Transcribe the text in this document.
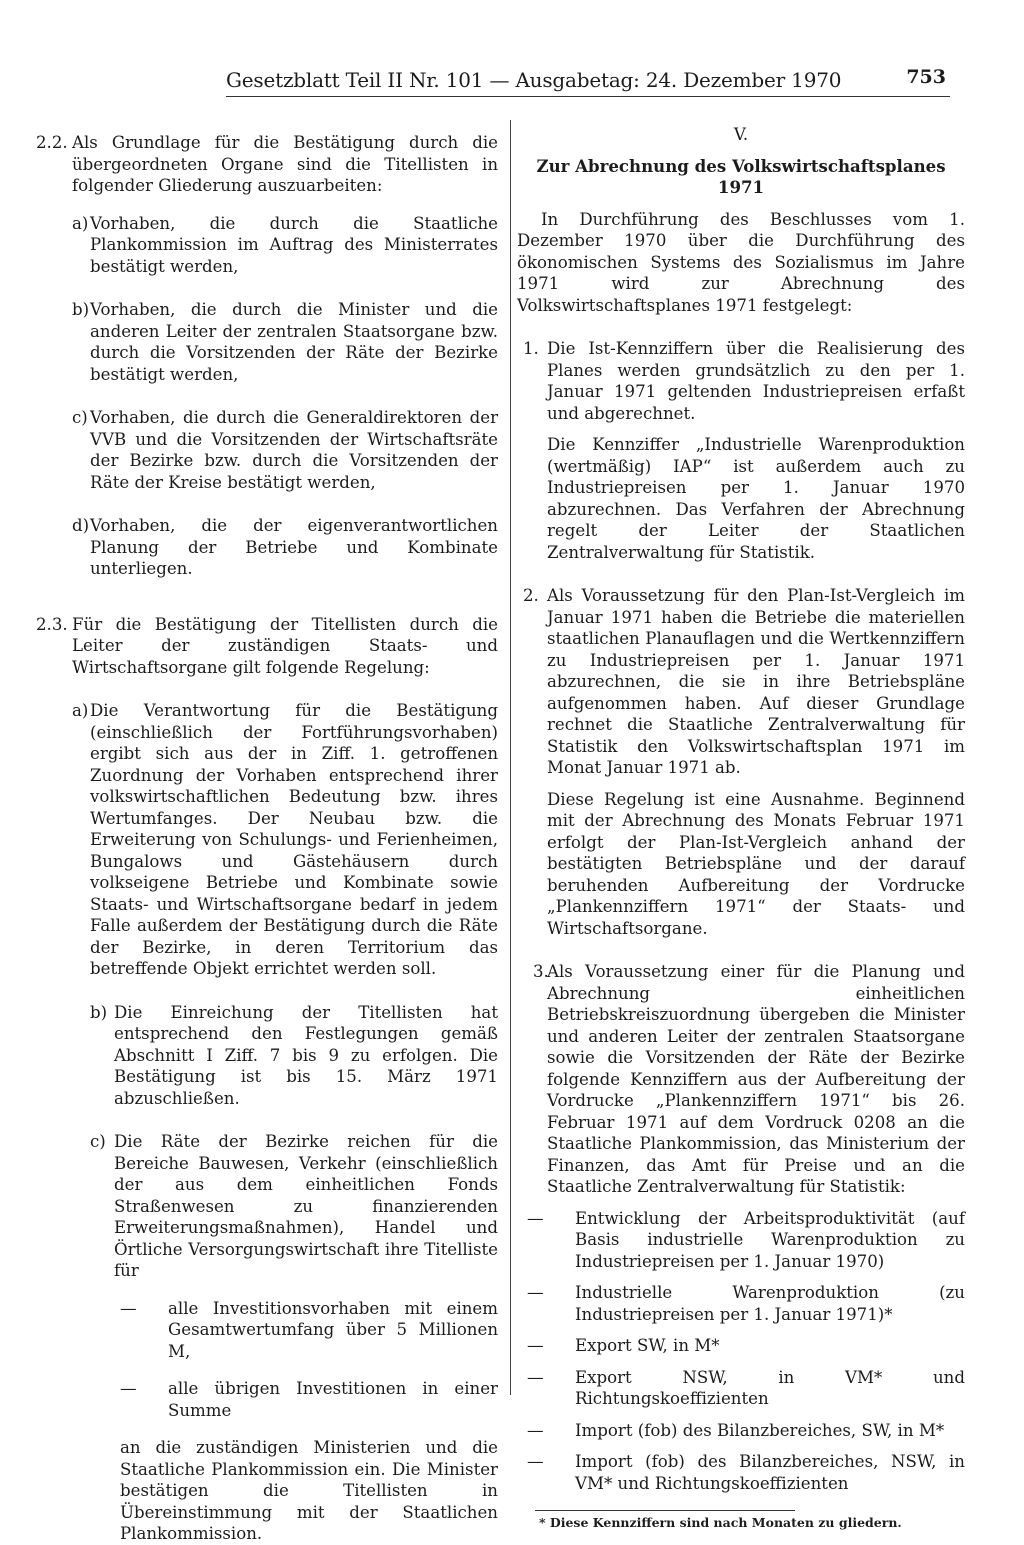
Gesetzblatt Teil II Nr. 101 — Ausgabetag: 24. Dezember 1970	753
2.2. Als Grundlage für die Bestätigung durch die übergeordneten Organe sind die Titellisten in folgender Gliederung auszuarbeiten:

a) Vorhaben, die durch die Staatliche Plankommission im Auftrag des Ministerrates bestätigt werden,

b) Vorhaben, die durch die Minister und die anderen Leiter der zentralen Staatsorgane bzw. durch die Vorsitzenden der Räte der Bezirke bestätigt werden,

c) Vorhaben, die durch die Generaldirektoren der VVB und die Vorsitzenden der Wirtschaftsräte der Bezirke bzw. durch die Vorsitzenden der Räte der Kreise bestätigt werden,

d) Vorhaben, die der eigenverantwortlichen Planung der Betriebe und Kombinate unterliegen.

2.3. Für die Bestätigung der Titellisten durch die Leiter der zuständigen Staats- und Wirtschaftsorgane gilt folgende Regelung:

a) Die Verantwortung für die Bestätigung (einschließlich der Fortführungsvorhaben) ergibt sich aus der in Ziff. 1. getroffenen Zuordnung der Vorhaben entsprechend ihrer volkswirtschaftlichen Bedeutung bzw. ihres Wertumfanges. Der Neubau bzw. die Erweiterung von Schulungs- und Ferienheimen, Bungalows und Gästehäusern durch volkseigene Betriebe und Kombinate sowie Staats- und Wirtschaftsorgane bedarf in jedem Falle außerdem der Bestätigung durch die Räte der Bezirke, in deren Territorium das betreffende Objekt errichtet werden soll.

b) Die Einreichung der Titellisten hat entsprechend den Festlegungen gemäß Abschnitt I Ziff. 7 bis 9 zu erfolgen. Die Bestätigung ist bis 15. März 1971 abzuschließen.

c) Die Räte der Bezirke reichen für die Bereiche Bauwesen, Verkehr (einschließlich der aus dem einheitlichen Fonds Straßenwesen zu finanzierenden Erweiterungsmaßnahmen), Handel und Örtliche Versorgungswirtschaft ihre Titelliste für

— alle Investitionsvorhaben mit einem Gesamtwertumfang über 5 Millionen M,

— alle übrigen Investitionen in einer Summe

an die zuständigen Ministerien und die Staatliche Plankommission ein. Die Minister bestätigen die Titellisten in Übereinstimmung mit der Staatlichen Plankommission.

V.

Zur Abrechnung des Volkswirtschaftsplanes 1971

In Durchführung des Beschlusses vom 1. Dezember 1970 über die Durchführung des ökonomischen Systems des Sozialismus im Jahre 1971 wird zur Abrechnung des Volkswirtschaftsplanes 1971 festgelegt:

1. Die Ist-Kennziffern über die Realisierung des Planes werden grundsätzlich zu den per 1. Januar 1971 geltenden Industriepreisen erfaßt und abgerechnet.

Die Kennziffer „Industrielle Warenproduktion (wertmäßig) IAP“ ist außerdem auch zu Industriepreisen per 1. Januar 1970 abzurechnen. Das Verfahren der Abrechnung regelt der Leiter der Staatlichen Zentralverwaltung für Statistik.

2. Als Voraussetzung für den Plan-Ist-Vergleich im Januar 1971 haben die Betriebe die materiellen staatlichen Planauflagen und die Wertkennziffern zu Industriepreisen per 1. Januar 1971 abzurechnen, die sie in ihre Betriebspläne aufgenommen haben. Auf dieser Grundlage rechnet die Staatliche Zentralverwaltung für Statistik den Volkswirtschaftsplan 1971 im Monat Januar 1971 ab.

Diese Regelung ist eine Ausnahme. Beginnend mit der Abrechnung des Monats Februar 1971 erfolgt der Plan-Ist-Vergleich anhand der bestätigten Betriebspläne und der darauf beruhenden Aufbereitung der Vordrucke „Plankennziffern 1971“ der Staats- und Wirtschaftsorgane.

3.

Als Voraussetzung einer für die Planung und Abrechnung einheitlichen Betriebskreiszuordnung übergeben die Minister und anderen Leiter der zentralen Staatsorgane sowie die Vorsitzenden der Räte der Bezirke folgende Kennziffern aus der Aufbereitung der Vordrucke „Plankennziffern 1971“ bis 26. Februar 1971 auf dem Vordruck 0208 an die Staatliche Plankommission, das Ministerium der Finanzen, das Amt für Preise und an die Staatliche Zentralverwaltung für Statistik:

— Entwicklung der Arbeitsproduktivität (auf Basis industrielle Warenproduktion zu Industriepreisen per 1. Januar 1970)

— Industrielle Warenproduktion (zu Industriepreisen per 1. Januar 1971)*

— Export SW, in M*

— Export NSW, in VM* und Richtungskoeffizienten

— Import (fob) des Bilanzbereiches, SW, in M*

— Import (fob) des Bilanzbereiches, NSW, in VM* und Richtungskoeffizienten

* Diese Kennziffern sind nach Monaten zu gliedern.
